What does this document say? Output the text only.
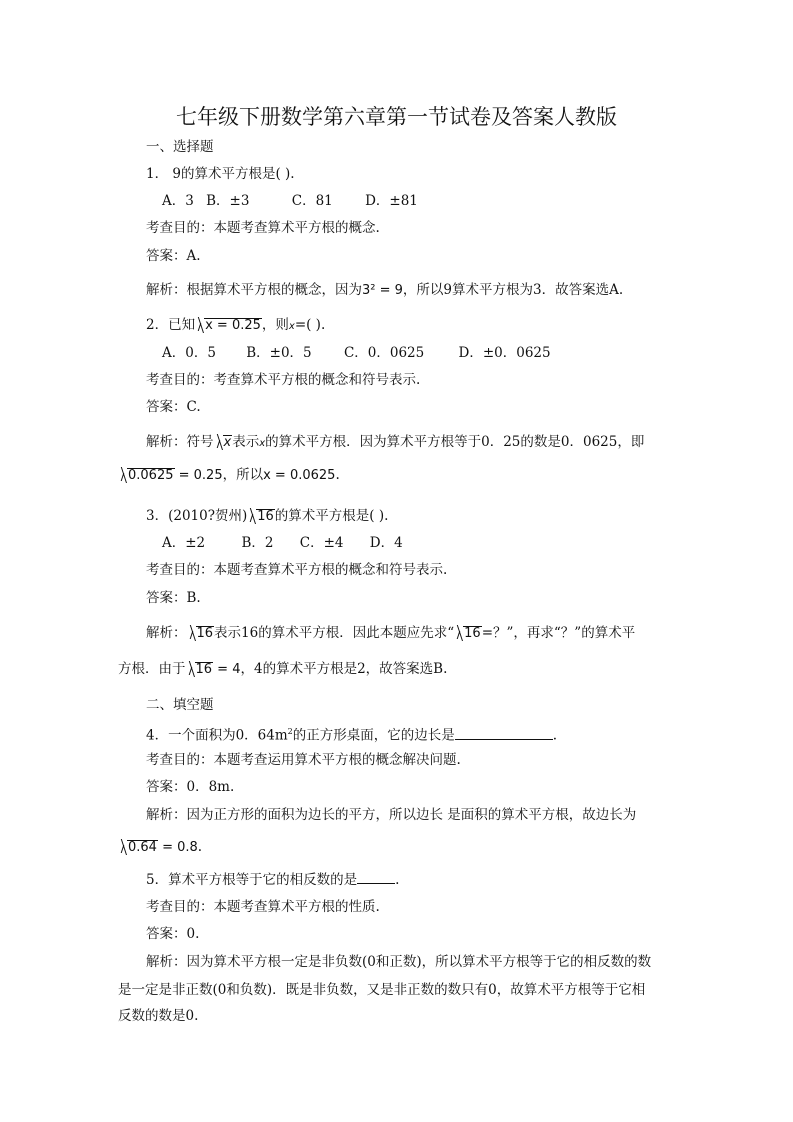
七年级下册数学第六章第一节试卷及答案人教版
一、选择题
1． 9的算术平方根是( ).
A．3 B．±3	C．81 D．±81
考查目的：本题考查算术平方根的概念.
答案：A.
解析：根据算术平方根的概念，因为3² = 9，所以9算术平方根为3．故答案选A.
2．已知 x = 0.25，则x=( ).
A．0．5 B．±0．5 C．0．0625	D．±0．0625
考查目的：考查算术平方根的概念和符号表示.
答案：C.
解析：符号 x表示x的算术平方根．因为算术平方根等于0．25的数是0．0625，即
0.0625 = 0.25，所以x = 0.0625.
3．(2010?贺州) 16的算术平方根是( ).
A．±2	B．2 C．±4 D．4
考查目的：本题考查算术平方根的概念和符号表示.
答案：B.
解析： 16表示16的算术平方根．因此本题应先求“ 16=？”，再求“？”的算术平
方根．由于 16 = 4，4的算术平方根是2，故答案选B.
二、填空题
4．一个面积为0．$64m^2$的正方形桌面，它的边长是	.
考查目的：本题考查运用算术平方根的概念解决问题.
答案：0．8m.
解析：因为正方形的面积为边长的平方，所以边长 是面积的算术平方根，故边长为
0.64 = 0.8.
5．算术平方根等于它的相反数的是	.
考查目的：本题考查算术平方根的性质.
答案：0.
解析：因为算术平方根一定是非负数(0和正数)，所以算术平方根等于它的相反数的数
是一定是非正数(0和负数)．既是非负数，又是非正数的数只有0，故算术平方根等于它相
反数的数是0.
